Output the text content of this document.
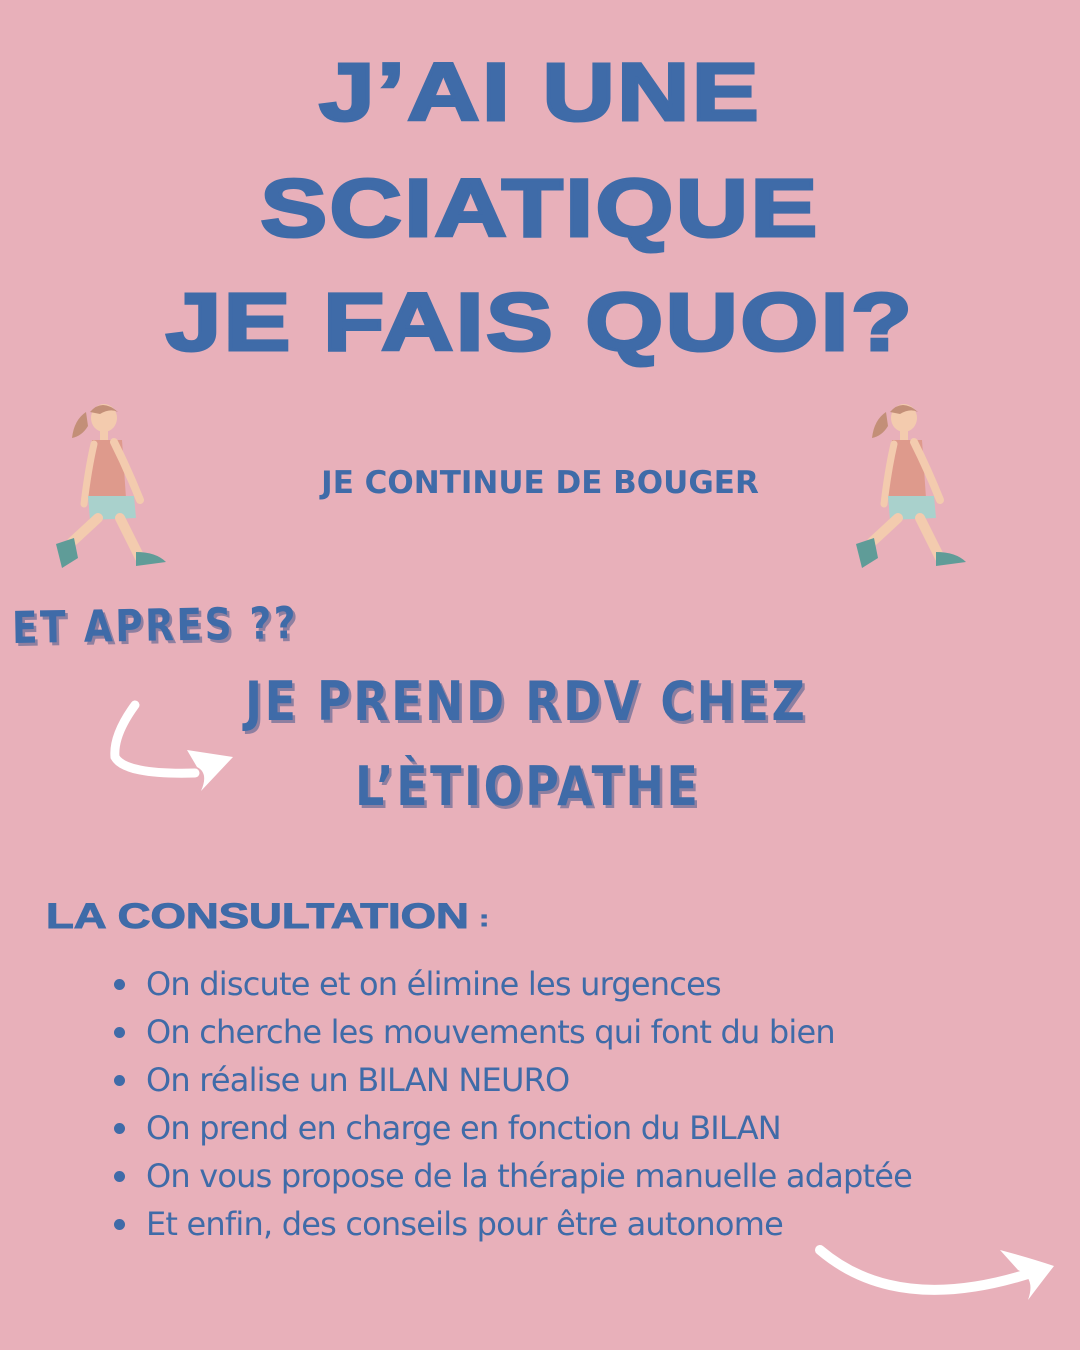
J’AI UNE
SCIATIQUE
JE FAIS QUOI?
JE CONTINUE DE BOUGER
ET APRES ??
JE PREND RDV CHEZ
L’ÈTIOPATHE
LA CONSULTATION :
On discute et on élimine les urgences
On cherche les mouvements qui font du bien
On réalise un BILAN NEURO
On prend en charge en fonction du BILAN
On vous propose de la thérapie manuelle adaptée
Et enfin, des conseils pour être autonome
